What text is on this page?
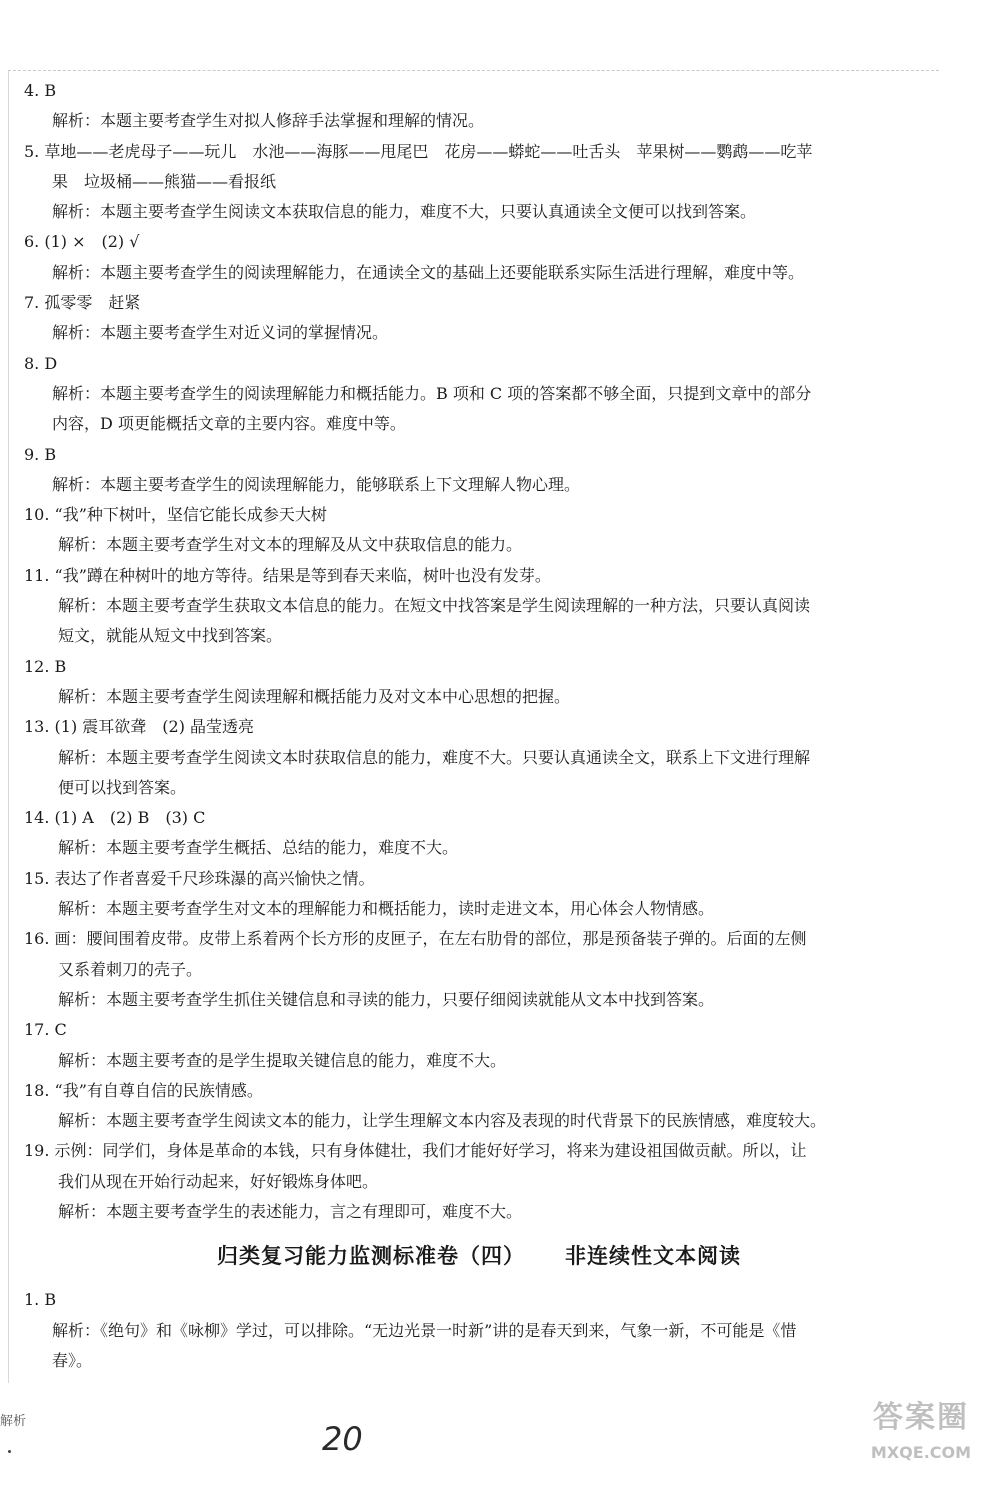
4. B
解析：本题主要考查学生对拟人修辞手法掌握和理解的情况。
5. 草地——老虎母子——玩儿　水池——海豚——甩尾巴　花房——蟒蛇——吐舌头　苹果树——鹦鹉——吃苹
果　垃圾桶——熊猫——看报纸
解析：本题主要考查学生阅读文本获取信息的能力，难度不大，只要认真通读全文便可以找到答案。
6. (1) ×　(2) √
解析：本题主要考查学生的阅读理解能力，在通读全文的基础上还要能联系实际生活进行理解，难度中等。
7. 孤零零　赶紧
解析：本题主要考查学生对近义词的掌握情况。
8. D
解析：本题主要考查学生的阅读理解能力和概括能力。B 项和 C 项的答案都不够全面，只提到文章中的部分
内容，D 项更能概括文章的主要内容。难度中等。
9. B
解析：本题主要考查学生的阅读理解能力，能够联系上下文理解人物心理。
10. “我”种下树叶，坚信它能长成参天大树
解析：本题主要考查学生对文本的理解及从文中获取信息的能力。
11. “我”蹲在种树叶的地方等待。结果是等到春天来临，树叶也没有发芽。
解析：本题主要考查学生获取文本信息的能力。在短文中找答案是学生阅读理解的一种方法，只要认真阅读
短文，就能从短文中找到答案。
12. B
解析：本题主要考查学生阅读理解和概括能力及对文本中心思想的把握。
13. (1) 震耳欲聋　(2) 晶莹透亮
解析：本题主要考查学生阅读文本时获取信息的能力，难度不大。只要认真通读全文，联系上下文进行理解
便可以找到答案。
14. (1) A　(2) B　(3) C
解析：本题主要考查学生概括、总结的能力，难度不大。
15. 表达了作者喜爱千尺珍珠瀑的高兴愉快之情。
解析：本题主要考查学生对文本的理解能力和概括能力，读时走进文本，用心体会人物情感。
16. 画：腰间围着皮带。皮带上系着两个长方形的皮匣子，在左右肋骨的部位，那是预备装子弹的。后面的左侧
又系着刺刀的壳子。
解析：本题主要考查学生抓住关键信息和寻读的能力，只要仔细阅读就能从文本中找到答案。
17. C
解析：本题主要考查的是学生提取关键信息的能力，难度不大。
18. “我”有自尊自信的民族情感。
解析：本题主要考查学生阅读文本的能力，让学生理解文本内容及表现的时代背景下的民族情感，难度较大。
19. 示例：同学们，身体是革命的本钱，只有身体健壮，我们才能好好学习，将来为建设祖国做贡献。所以，让
我们从现在开始行动起来，好好锻炼身体吧。
解析：本题主要考查学生的表述能力，言之有理即可，难度不大。
归类复习能力监测标准卷（四） 非连续性文本阅读
1. B
解析：《绝句》和《咏柳》学过，可以排除。“无边光景一时新”讲的是春天到来，气象一新，不可能是《惜
春》。
解析	20
答案圈
MXQE.COM
